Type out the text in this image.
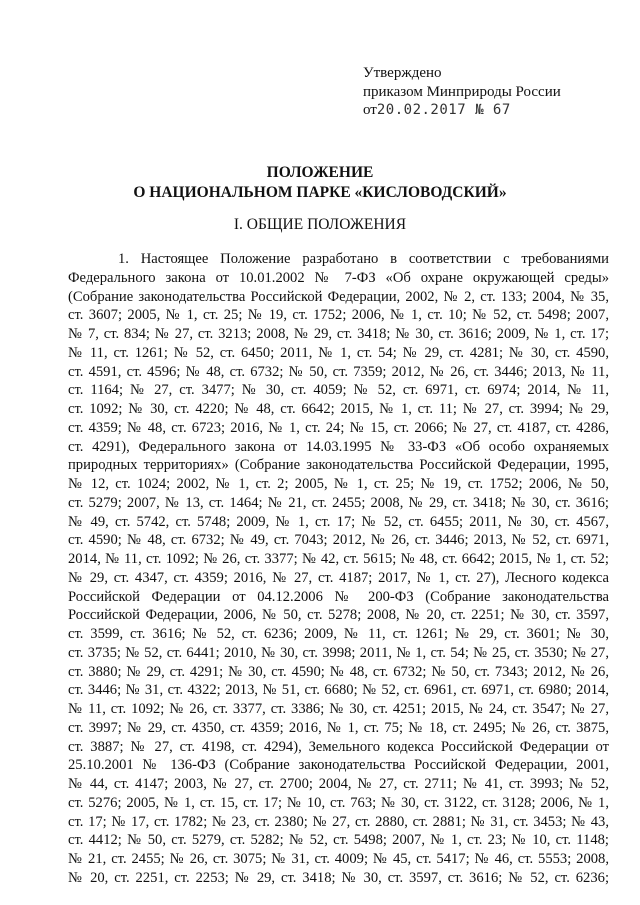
Утверждено
приказом Минприроды России
от20.02.2017 № 67
ПОЛОЖЕНИЕ
О НАЦИОНАЛЬНОМ ПАРКЕ «КИСЛОВОДСКИЙ»
I. ОБЩИЕ ПОЛОЖЕНИЯ
1. Настоящее Положение разработано в соответствии с требованиями
Федерального закона от 10.01.2002 № 7-ФЗ «Об охране окружающей среды»
(Собрание законодательства Российской Федерации, 2002, № 2, ст. 133; 2004, № 35,
ст. 3607; 2005, № 1, ст. 25; № 19, ст. 1752; 2006, № 1, ст. 10; № 52, ст. 5498; 2007,
№ 7, ст. 834; № 27, ст. 3213; 2008, № 29, ст. 3418; № 30, ст. 3616; 2009, № 1, ст. 17;
№ 11, ст. 1261; № 52, ст. 6450; 2011, № 1, ст. 54; № 29, ст. 4281; № 30, ст. 4590,
ст. 4591, ст. 4596; № 48, ст. 6732; № 50, ст. 7359; 2012, № 26, ст. 3446; 2013, № 11,
ст. 1164; № 27, ст. 3477; № 30, ст. 4059; № 52, ст. 6971, ст. 6974; 2014, № 11,
ст. 1092; № 30, ст. 4220; № 48, ст. 6642; 2015, № 1, ст. 11; № 27, ст. 3994; № 29,
ст. 4359; № 48, ст. 6723; 2016, № 1, ст. 24; № 15, ст. 2066; № 27, ст. 4187, ст. 4286,
ст. 4291), Федерального закона от 14.03.1995 № 33-ФЗ «Об особо охраняемых
природных территориях» (Собрание законодательства Российской Федерации, 1995,
№ 12, ст. 1024; 2002, № 1, ст. 2; 2005, № 1, ст. 25; № 19, ст. 1752; 2006, № 50,
ст. 5279; 2007, № 13, ст. 1464; № 21, ст. 2455; 2008, № 29, ст. 3418; № 30, ст. 3616;
№ 49, ст. 5742, ст. 5748; 2009, № 1, ст. 17; № 52, ст. 6455; 2011, № 30, ст. 4567,
ст. 4590; № 48, ст. 6732; № 49, ст. 7043; 2012, № 26, ст. 3446; 2013, № 52, ст. 6971,
2014, № 11, ст. 1092; № 26, ст. 3377; № 42, ст. 5615; № 48, ст. 6642; 2015, № 1, ст. 52;
№ 29, ст. 4347, ст. 4359; 2016, № 27, ст. 4187; 2017, № 1, ст. 27), Лесного кодекса
Российской Федерации от 04.12.2006 № 200-ФЗ (Собрание законодательства
Российской Федерации, 2006, № 50, ст. 5278; 2008, № 20, ст. 2251; № 30, ст. 3597,
ст. 3599, ст. 3616; № 52, ст. 6236; 2009, № 11, ст. 1261; № 29, ст. 3601; № 30,
ст. 3735; № 52, ст. 6441; 2010, № 30, ст. 3998; 2011, № 1, ст. 54; № 25, ст. 3530; № 27,
ст. 3880; № 29, ст. 4291; № 30, ст. 4590; № 48, ст. 6732; № 50, ст. 7343; 2012, № 26,
ст. 3446; № 31, ст. 4322; 2013, № 51, ст. 6680; № 52, ст. 6961, ст. 6971, ст. 6980; 2014,
№ 11, ст. 1092; № 26, ст. 3377, ст. 3386; № 30, ст. 4251; 2015, № 24, ст. 3547; № 27,
ст. 3997; № 29, ст. 4350, ст. 4359; 2016, № 1, ст. 75; № 18, ст. 2495; № 26, ст. 3875,
ст. 3887; № 27, ст. 4198, ст. 4294), Земельного кодекса Российской Федерации от
25.10.2001 № 136-ФЗ (Собрание законодательства Российской Федерации, 2001,
№ 44, ст. 4147; 2003, № 27, ст. 2700; 2004, № 27, ст. 2711; № 41, ст. 3993; № 52,
ст. 5276; 2005, № 1, ст. 15, ст. 17; № 10, ст. 763; № 30, ст. 3122, ст. 3128; 2006, № 1,
ст. 17; № 17, ст. 1782; № 23, ст. 2380; № 27, ст. 2880, ст. 2881; № 31, ст. 3453; № 43,
ст. 4412; № 50, ст. 5279, ст. 5282; № 52, ст. 5498; 2007, № 1, ст. 23; № 10, ст. 1148;
№ 21, ст. 2455; № 26, ст. 3075; № 31, ст. 4009; № 45, ст. 5417; № 46, ст. 5553; 2008,
№ 20, ст. 2251, ст. 2253; № 29, ст. 3418; № 30, ст. 3597, ст. 3616; № 52, ст. 6236;
